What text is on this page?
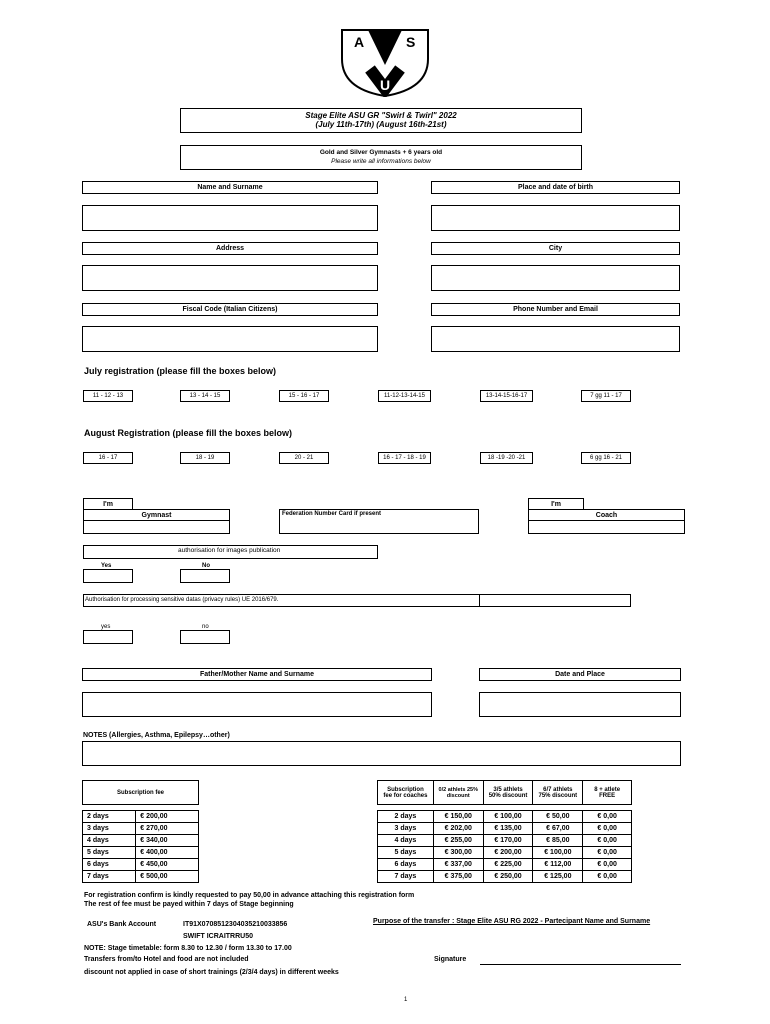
A	S
U
Stage Elite ASU GR "Swirl & Twirl" 2022
(July 11th-17th) (August 16th-21st)
Gold and Silver Gymnasts + 6 years old
Please write all informations below
Name and Surname	Place and date of birth
Address	City
Fiscal Code (Italian Citizens)	Phone Number and Email
July registration (please fill the boxes below)
11 - 12 - 13	13 - 14 - 15	15 - 16 - 17	11-12-13-14-15	13-14-15-16-17	7 gg 11 - 17
August Registration (please fill the boxes below)
16 - 17	18 - 19	20 - 21	16 - 17 - 18 - 19	18 -19 -20 -21	6 gg 16 - 21
I'm	I'm
Gymnast	Federation Number Card if present	Coach
authorisation for images publication
Yes	No
Authorisation for processing sensitive datas (privacy rules) UE 2016/679.
yes	no
Father/Mother Name and Surname	Date and Place
NOTES (Allergies, Asthma, Epilepsy…other)
Subscription fee	

2 days	€ 200,00
3 days	€ 270,00
4 days	€ 340,00
5 days	€ 400,00
6 days	€ 450,00
7 days	€ 500,00
Subscription fee for coaches	0/2 athlets 25% discount	3/5 athlets 50% discount	6/7 athlets 75% discount	8 + atlete FREE

2 days	€ 150,00	€ 100,00	€ 50,00	€ 0,00
3 days	€ 202,00	€ 135,00	€ 67,00	€ 0,00
4 days	€ 255,00	€ 170,00	€ 85,00	€ 0,00
5 days	€ 300,00	€ 200,00	€ 100,00	€ 0,00
6 days	€ 337,00	€ 225,00	€ 112,00	€ 0,00
7 days	€ 375,00	€ 250,00	€ 125,00	€ 0,00
For registration confirm is kindly requested to pay 50,00 in advance attaching this registration form
The rest of fee must be payed within 7 days of Stage beginning
ASU's Bank Account	IT91X0708512304035210033856
SWIFT ICRAITRRU50
Purpose of the transfer : Stage Elite ASU RG 2022 - Partecipant Name and Surname
NOTE: Stage timetable: form 8.30 to 12.30 / form 13.30 to 17.00
Transfers from/to Hotel and food are not included	Signature
discount not applied in case of short trainings (2/3/4 days) in different weeks
1
